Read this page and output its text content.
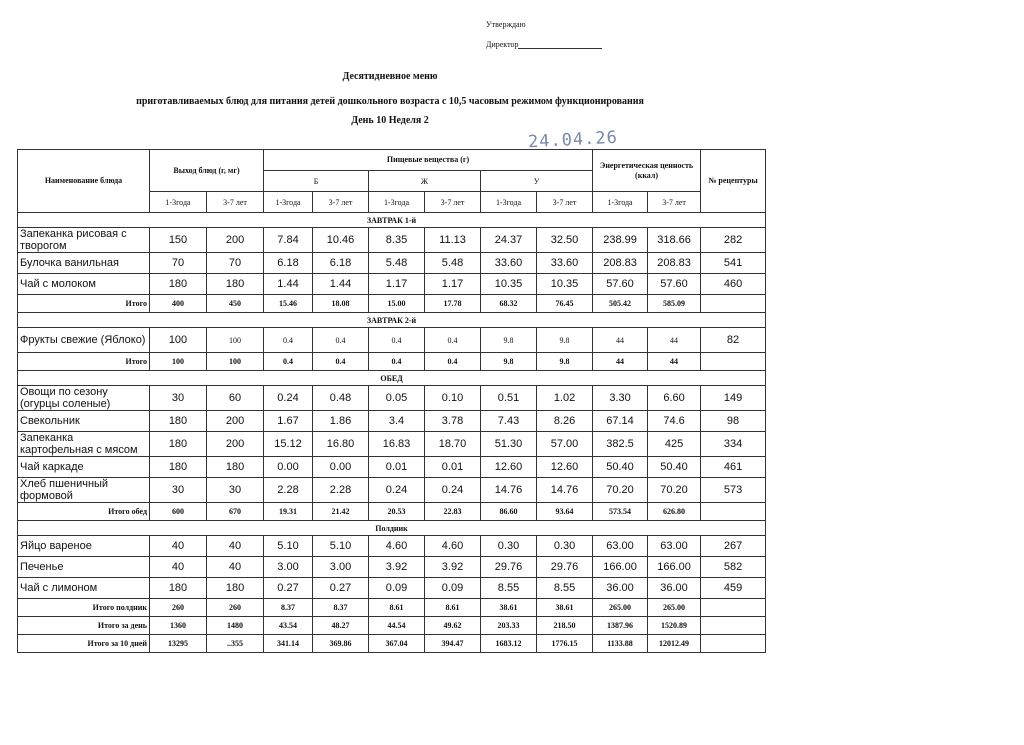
Утверждаю
Директор
Десятидневное меню
приготавливаемых блюд для питания детей дошкольного возраста с 10,5 часовым режимом функционирования
День 10 Неделя 2
24.04.26
Наименование блюда	Выход блюд (г, мг)		Пищевые вещества (г)						Энергетическая ценность (ккал)		№ рецептуры
			Б		Ж		У				
	1-3года	3-7 лет	1-3года	3-7 лет	1-3года	3-7 лет	1-3года	3-7 лет	1-3года	3-7 лет	
ЗАВТРАК 1-й											
Запеканка рисовая с творогом	150	200	7.84	10.46	8.35	11.13	24.37	32.50	238.99	318.66	282
Булочка ванильная	70	70	6.18	6.18	5.48	5.48	33.60	33.60	208.83	208.83	541
Чай с молоком	180	180	1.44	1.44	1.17	1.17	10.35	10.35	57.60	57.60	460
Итого	400	450	15.46	18.08	15.00	17.78	68.32	76.45	505.42	585.09	
ЗАВТРАК 2-й											
Фрукты свежие (Яблоко)	100	100	0.4	0.4	0.4	0.4	9.8	9.8	44	44	82
Итого	100	100	0.4	0.4	0.4	0.4	9.8	9.8	44	44	
ОБЕД											
Овощи по сезону (огурцы соленые)	30	60	0.24	0.48	0.05	0.10	0.51	1.02	3.30	6.60	149
Свекольник	180	200	1.67	1.86	3.4	3.78	7.43	8.26	67.14	74.6	98
Запеканка картофельная с мясом	180	200	15.12	16.80	16.83	18.70	51.30	57.00	382.5	425	334
Чай каркаде	180	180	0.00	0.00	0.01	0.01	12.60	12.60	50.40	50.40	461
Хлеб пшеничный формовой	30	30	2.28	2.28	0.24	0.24	14.76	14.76	70.20	70.20	573
Итого обед	600	670	19.31	21.42	20.53	22.83	86.60	93.64	573.54	626.80	
Полдник											
Яйцо вареное	40	40	5.10	5.10	4.60	4.60	0.30	0.30	63.00	63.00	267
Печенье	40	40	3.00	3.00	3.92	3.92	29.76	29.76	166.00	166.00	582
Чай с лимоном	180	180	0.27	0.27	0.09	0.09	8.55	8.55	36.00	36.00	459
Итого полдник	260	260	8.37	8.37	8.61	8.61	38.61	38.61	265.00	265.00	
Итого за день	1360	1480	43.54	48.27	44.54	49.62	203.33	218.50	1387.96	1520.89	
Итого за 10 дней	13295	..355	341.14	369.86	367.04	394.47	1683.12	1776.15	1133.88	12012.49	
